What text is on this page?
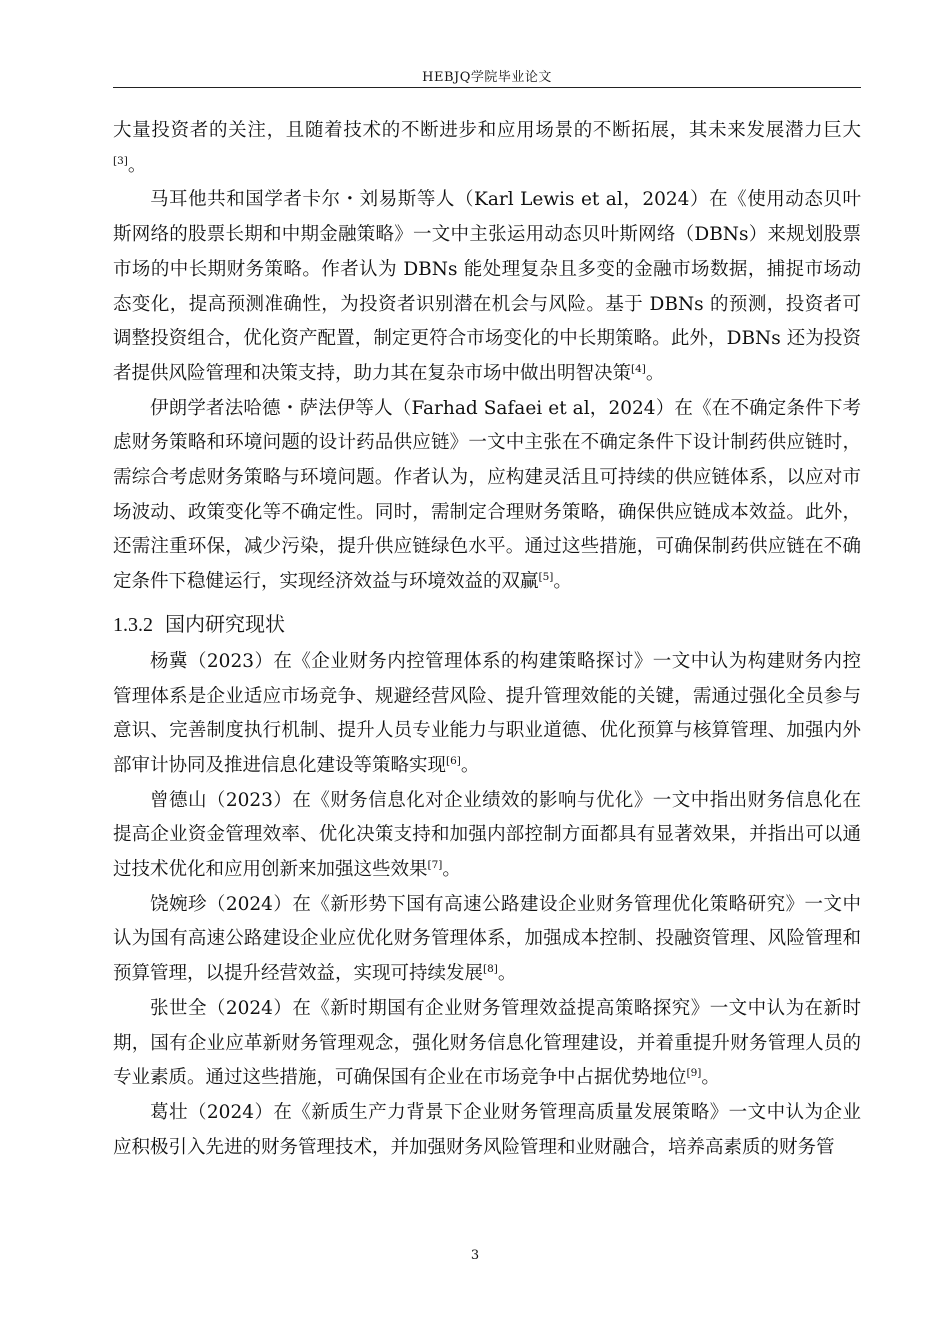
HEBJQ学院毕业论文

大量投资者的关注，且随着技术的不断进步和应用场景的不断拓展，其未来发展潜力巨大[3]。

马耳他共和国学者卡尔・刘易斯等人（Karl Lewis et al，2024）在《使用动态贝叶斯网络的股票长期和中期金融策略》一文中主张运用动态贝叶斯网络（DBNs）来规划股票市场的中长期财务策略。作者认为 DBNs 能处理复杂且多变的金融市场数据，捕捉市场动态变化，提高预测准确性，为投资者识别潜在机会与风险。基于 DBNs 的预测，投资者可调整投资组合，优化资产配置，制定更符合市场变化的中长期策略。此外，DBNs 还为投资者提供风险管理和决策支持，助力其在复杂市场中做出明智决策[4]。

伊朗学者法哈德・萨法伊等人（Farhad Safaei et al，2024）在《在不确定条件下考虑财务策略和环境问题的设计药品供应链》一文中主张在不确定条件下设计制药供应链时，需综合考虑财务策略与环境问题。作者认为，应构建灵活且可持续的供应链体系，以应对市场波动、政策变化等不确定性。同时，需制定合理财务策略，确保供应链成本效益。此外，还需注重环保，减少污染，提升供应链绿色水平。通过这些措施，可确保制药供应链在不确定条件下稳健运行，实现经济效益与环境效益的双赢[5]。

1.3.2 国内研究现状

杨冀（2023）在《企业财务内控管理体系的构建策略探讨》一文中认为构建财务内控管理体系是企业适应市场竞争、规避经营风险、提升管理效能的关键，需通过强化全员参与意识、完善制度执行机制、提升人员专业能力与职业道德、优化预算与核算管理、加强内外部审计协同及推进信息化建设等策略实现[6]。

曾德山（2023）在《财务信息化对企业绩效的影响与优化》一文中指出财务信息化在提高企业资金管理效率、优化决策支持和加强内部控制方面都具有显著效果，并指出可以通过技术优化和应用创新来加强这些效果[7]。

饶婉珍（2024）在《新形势下国有高速公路建设企业财务管理优化策略研究》一文中认为国有高速公路建设企业应优化财务管理体系，加强成本控制、投融资管理、风险管理和预算管理，以提升经营效益，实现可持续发展[8]。

张世全（2024）在《新时期国有企业财务管理效益提高策略探究》一文中认为在新时期，国有企业应革新财务管理观念，强化财务信息化管理建设，并着重提升财务管理人员的专业素质。通过这些措施，可确保国有企业在市场竞争中占据优势地位[9]。

葛壮（2024）在《新质生产力背景下企业财务管理高质量发展策略》一文中认为企业应积极引入先进的财务管理技术，并加强财务风险管理和业财融合，培养高素质的财务管

3
